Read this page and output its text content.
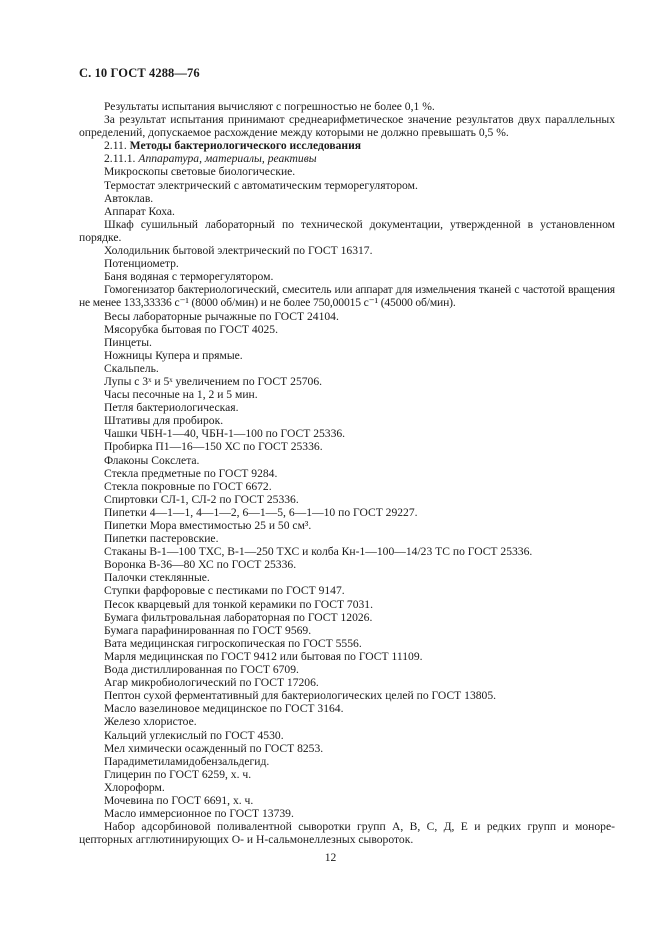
С. 10 ГОСТ 4288—76

Результаты испытания вычисляют с погрешностью не более 0,1 %.

За результат испытания принимают среднеарифметическое значение результатов двух параллельных определений, допускаемое расхождение между которыми не должно превышать 0,5 %.

2.11. Методы бактериологического исследования

2.11.1. Аппаратура, материалы, реактивы

Микроскопы световые биологические.

Термостат электрический с автоматическим терморегулятором.

Автоклав.

Аппарат Коха.

Шкаф сушильный лабораторный по технической документации, утвержденной в установленном порядке.

Холодильник бытовой электрический по ГОСТ 16317.

Потенциометр.

Баня водяная с терморегулятором.

Гомогенизатор бактериологический, смеситель или аппарат для измельчения тканей с частотой вращения не менее 133,33336 с⁻¹ (8000 об/мин) и не более 750,00015 с⁻¹ (45000 об/мин).

Весы лабораторные рычажные по ГОСТ 24104.

Мясорубка бытовая по ГОСТ 4025.

Пинцеты.

Ножницы Купера и прямые.

Скальпель.

Лупы с 3ˣ и 5ˣ увеличением по ГОСТ 25706.

Часы песочные на 1, 2 и 5 мин.

Петля бактериологическая.

Штативы для пробирок.

Чашки ЧБН-1—40, ЧБН-1—100 по ГОСТ 25336.

Пробирка П1—16—150 ХС по ГОСТ 25336.

Флаконы Сокслета.

Стекла предметные по ГОСТ 9284.

Стекла покровные по ГОСТ 6672.

Спиртовки СЛ-1, СЛ-2 по ГОСТ 25336.

Пипетки 4—1—1, 4—1—2, 6—1—5, 6—1—10 по ГОСТ 29227.

Пипетки Мора вместимостью 25 и 50 см³.

Пипетки пастеровские.

Стаканы В-1—100 ТХС, В-1—250 ТХС и колба Кн-1—100—14/23 ТС по ГОСТ 25336.

Воронка В-36—80 ХС по ГОСТ 25336.

Палочки стеклянные.

Ступки фарфоровые с пестиками по ГОСТ 9147.

Песок кварцевый для тонкой керамики по ГОСТ 7031.

Бумага фильтровальная лабораторная по ГОСТ 12026.

Бумага парафинированная по ГОСТ 9569.

Вата медицинская гигроскопическая по ГОСТ 5556.

Марля медицинская по ГОСТ 9412 или бытовая по ГОСТ 11109.

Вода дистиллированная по ГОСТ 6709.

Агар микробиологический по ГОСТ 17206.

Пептон сухой ферментативный для бактериологических целей по ГОСТ 13805.

Масло вазелиновое медицинское по ГОСТ 3164.

Железо хлористое.

Кальций углекислый по ГОСТ 4530.

Мел химически осажденный по ГОСТ 8253.

Парадиметиламидобензальдегид.

Глицерин по ГОСТ 6259, х. ч.

Хлороформ.

Мочевина по ГОСТ 6691, х. ч.

Масло иммерсионное по ГОСТ 13739.

Набор адсорбиновой поливалентной сыворотки групп А, В, С, Д, Е и редких групп и монорецепторных агглютинирующих О- и Н-сальмонеллезных сывороток.

12
